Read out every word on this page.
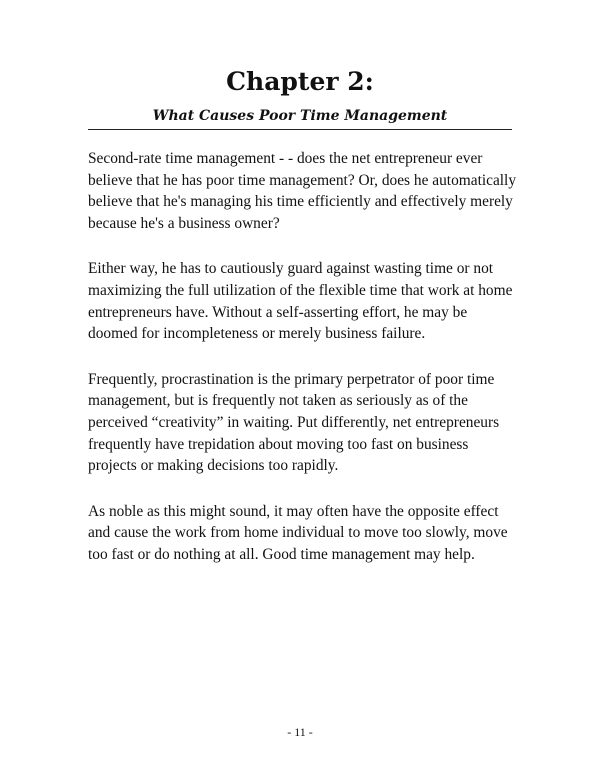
Chapter 2:
What Causes Poor Time Management

Second-rate time management - - does the net entrepreneur ever
believe that he has poor time management? Or, does he automatically
believe that he's managing his time efficiently and effectively merely
because he's a business owner?

Either way, he has to cautiously guard against wasting time or not
maximizing the full utilization of the flexible time that work at home
entrepreneurs have. Without a self-asserting effort, he may be
doomed for incompleteness or merely business failure.

Frequently, procrastination is the primary perpetrator of poor time
management, but is frequently not taken as seriously as of the
perceived “creativity” in waiting. Put differently, net entrepreneurs
frequently have trepidation about moving too fast on business
projects or making decisions too rapidly.

As noble as this might sound, it may often have the opposite effect
and cause the work from home individual to move too slowly, move
too fast or do nothing at all. Good time management may help.

- 11 -
